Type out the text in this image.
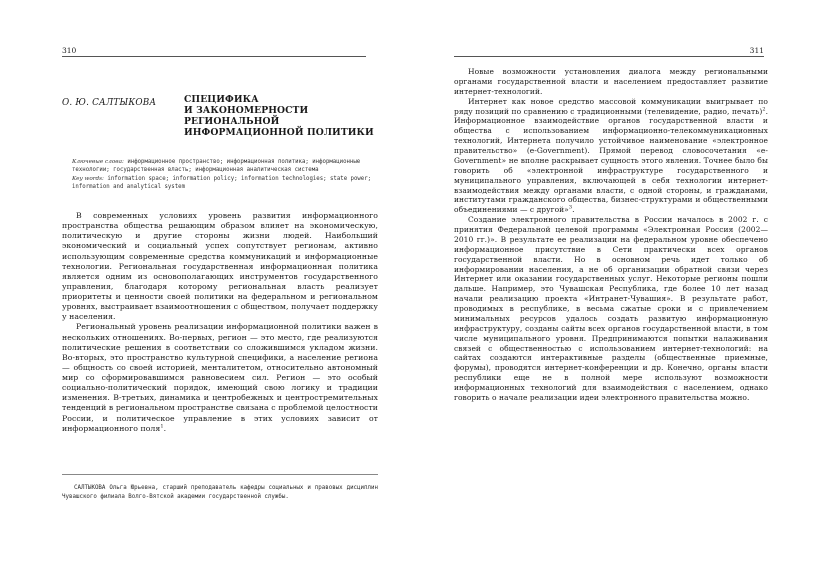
310
О. Ю. САЛТЫКОВА	СПЕЦИФИКА
И ЗАКОНОМЕРНОСТИ
РЕГИОНАЛЬНОЙ
ИНФОРМАЦИОННОЙ ПОЛИТИКИ
Ключевые слова: информационное пространство; информационная политика; информационные технологии; государственная власть; информационная аналитическая система
Key words: information space; information policy; information technologies; state power; information and analytical system

В современных условиях уровень развития информационного пространства общества решающим образом влияет на экономическую, политическую и другие стороны жизни людей. Наибольший экономический и социальный успех сопутствует регионам, активно использующим современные средства коммуникаций и информационные технологии. Региональная государственная информационная политика является одним из основополагающих инструментов государственного управления, благодаря которому региональная власть реализует приоритеты и ценности своей политики на федеральном и региональном уровнях, выстраивает взаимоотношения с обществом, получает поддержку у населения.

Региональный уровень реализации информационной политики важен в нескольких отношениях. Во-первых, регион — это место, где реализуются политические решения в соответствии со сложившимся укладом жизни. Во-вторых, это пространство культурной специфики, а население региона — общность со своей историей, менталитетом, относительно автономный мир со сформировавшимся равновесием сил. Регион — это особый социально-политический порядок, имеющий свою логику и традиции изменения. В-третьих, динамика и центробежных и центростремительных тенденций в региональном пространстве связана с проблемой целостности России, и политическое управление в этих условиях зависит от информационного поля$^1$.

САЛТЫКОВА Ольга Юрьевна, старший преподаватель кафедры социальных и правовых дисциплин Чувашского филиала Волго-Вятской академии государственной службы.
311

Новые возможности установления диалога между региональными органами государственной власти и населением предоставляет развитие интернет-технологий.

Интернет как новое средство массовой коммуникации выигрывает по ряду позиций по сравнению с традиционными (телевидение, радио, печать)$^2$. Информационное взаимодействие органов государственной власти и общества с использованием информационно-телекоммуникационных технологий, Интернета получило устойчивое наименование «электронное правительство» (e-Government). Прямой перевод словосочетания «e-Government» не вполне раскрывает сущность этого явления. Точнее было бы говорить об «электронной инфраструктуре государственного и муниципального управления, включающей в себя технологии интернет-взаимодействия между органами власти, с одной стороны, и гражданами, институтами гражданского общества, бизнес-структурами и общественными объединениями — с другой»$^3$.

Создание электронного правительства в России началось в 2002 г. с принятия Федеральной целевой программы «Электронная Россия (2002—2010 гг.)». В результате ее реализации на федеральном уровне обеспечено информационное присутствие в Сети практически всех органов государственной власти. Но в основном речь идет только об информировании населения, а не об организации обратной связи через Интернет или оказании государственных услуг. Некоторые регионы пошли дальше. Например, это Чувашская Республика, где более 10 лет назад начали реализацию проекта «Интранет-Чувашия». В результате работ, проводимых в республике, в весьма сжатые сроки и с привлечением минимальных ресурсов удалось создать развитую информационную инфраструктуру, созданы сайты всех органов государственной власти, в том числе муниципального уровня. Предпринимаются попытки налаживания связей с общественностью с использованием интернет-технологий: на сайтах создаются интерактивные разделы (общественные приемные, форумы), проводятся интернет-конференции и др. Конечно, органы власти республики еще не в полной мере используют возможности информационных технологий для взаимодействия с населением, однако говорить о начале реализации идеи электронного правительства можно.
